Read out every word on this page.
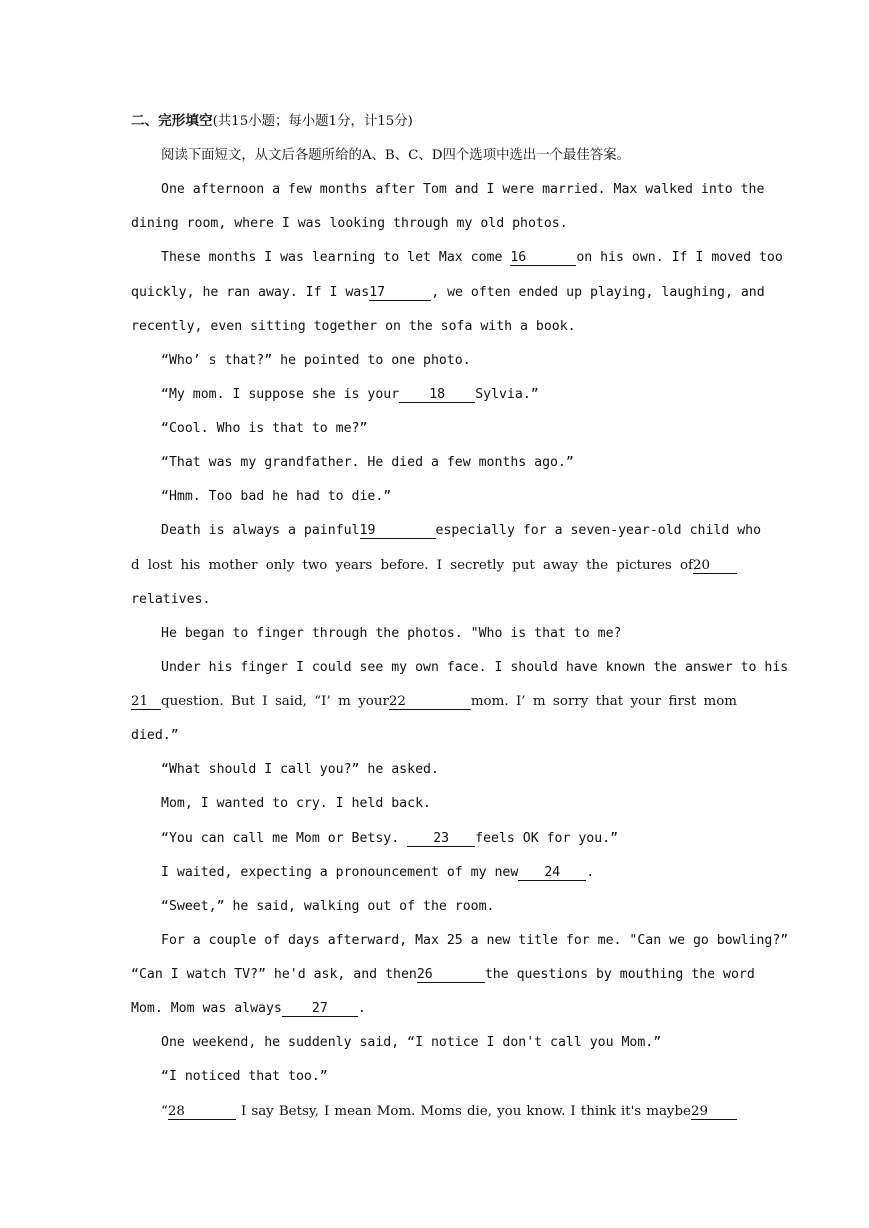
二、完形填空(共15小题；每小题1分，计15分)
阅读下面短文，从文后各题所给的A、B、C、D四个选项中选出一个最佳答案。
One afternoon a few months after Tom and I were married. Max walked into the
dining room, where I was looking through my old photos.
These months I was learning to let Max come 16	on his own. If I moved too
quickly, he ran away. If I was17	, we often ended up playing, laughing, and
recently, even sitting together on the sofa with a book.
“Who’ s that?” he pointed to one photo.
“My mom. I suppose she is your 18 Sylvia.”
“Cool. Who is that to me?”
“That was my grandfather. He died a few months ago.”
“Hmm. Too bad he had to die.”
Death is always a painful19	especially for a seven-year-old child who
d lost his mother only two years before. I secretly put away the pictures of20
relatives.
He began to finger through the photos. "Who is that to me?
Under his finger I could see my own face. I should have known the answer to his
21 question. But I said, “I’ m your22	mom. I’ m sorry that your first mom
died.”
“What should I call you?” he asked.
Mom, I wanted to cry. I held back.
“You can call me Mom or Betsy. 23 feels OK for you.”
I waited, expecting a pronouncement of my new 24 .
“Sweet,” he said, walking out of the room.
For a couple of days afterward, Max 25 a new title for me. "Can we go bowling?”
“Can I watch TV?” he'd ask, and then26	the questions by mouthing the word
Mom. Mom was always 27 .
One weekend, he suddenly said, “I notice I don't call you Mom.”
“I noticed that too.”
“28	I say Betsy, I mean Mom. Moms die, you know. I think it's maybe29
